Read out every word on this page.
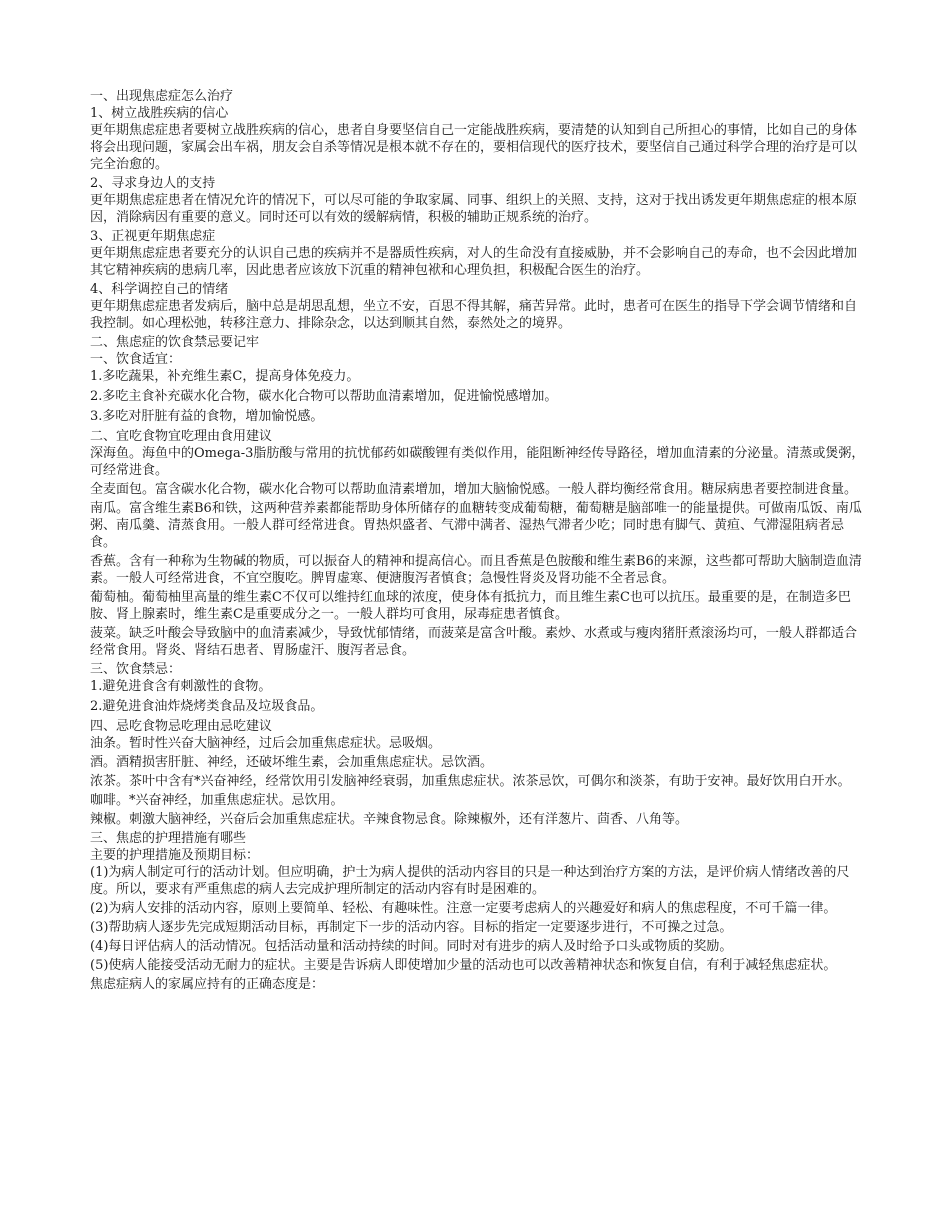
一、出现焦虑症怎么治疗

1、树立战胜疾病的信心

更年期焦虑症患者要树立战胜疾病的信心，患者自身要坚信自己一定能战胜疾病，要清楚的认知到自己所担心的事情，比如自己的身体将会出现问题，家属会出车祸，朋友会自杀等情况是根本就不存在的，要相信现代的医疗技术，要坚信自己通过科学合理的治疗是可以完全治愈的。

2、寻求身边人的支持

更年期焦虑症患者在情况允许的情况下，可以尽可能的争取家属、同事、组织上的关照、支持，这对于找出诱发更年期焦虑症的根本原因，消除病因有重要的意义。同时还可以有效的缓解病情，积极的辅助正规系统的治疗。

3、正视更年期焦虑症

更年期焦虑症患者要充分的认识自己患的疾病并不是器质性疾病，对人的生命没有直接威胁，并不会影响自己的寿命，也不会因此增加其它精神疾病的患病几率，因此患者应该放下沉重的精神包袱和心理负担，积极配合医生的治疗。

4、科学调控自己的情绪

更年期焦虑症患者发病后，脑中总是胡思乱想，坐立不安，百思不得其解，痛苦异常。此时，患者可在医生的指导下学会调节情绪和自我控制。如心理松弛，转移注意力、排除杂念，以达到顺其自然，泰然处之的境界。

二、焦虑症的饮食禁忌要记牢

一、饮食适宜：

1.多吃蔬果，补充维生素C，提高身体免疫力。

2.多吃主食补充碳水化合物，碳水化合物可以帮助血清素增加，促进愉悦感增加。

3.多吃对肝脏有益的食物，增加愉悦感。

二、宜吃食物宜吃理由食用建议

深海鱼。海鱼中的Omega-3脂肪酸与常用的抗忧郁药如碳酸锂有类似作用，能阻断神经传导路径，增加血清素的分泌量。清蒸或煲粥，可经常进食。

全麦面包。富含碳水化合物，碳水化合物可以帮助血清素增加，增加大脑愉悦感。一般人群均衡经常食用。糖尿病患者要控制进食量。

南瓜。富含维生素B6和铁，这两种营养素都能帮助身体所储存的血糖转变成葡萄糖，葡萄糖是脑部唯一的能量提供。可做南瓜饭、南瓜粥、南瓜羹、清蒸食用。一般人群可经常进食。胃热炽盛者、气滞中满者、湿热气滞者少吃；同时患有脚气、黄疸、气滞湿阻病者忌食。

香蕉。含有一种称为生物碱的物质，可以振奋人的精神和提高信心。而且香蕉是色胺酸和维生素B6的来源，这些都可帮助大脑制造血清素。一般人可经常进食，不宜空腹吃。脾胃虚寒、便溏腹泻者慎食；急慢性肾炎及肾功能不全者忌食。

葡萄柚。葡萄柚里高量的维生素C不仅可以维持红血球的浓度，使身体有抵抗力，而且维生素C也可以抗压。最重要的是，在制造多巴胺、肾上腺素时，维生素C是重要成分之一。一般人群均可食用，尿毒症患者慎食。

菠菜。缺乏叶酸会导致脑中的血清素减少，导致忧郁情绪，而菠菜是富含叶酸。素炒、水煮或与瘦肉猪肝煮滚汤均可，一般人群都适合经常食用。肾炎、肾结石患者、胃肠虚汗、腹泻者忌食。

三、饮食禁忌：

1.避免进食含有刺激性的食物。

2.避免进食油炸烧烤类食品及垃圾食品。

四、忌吃食物忌吃理由忌吃建议

油条。暂时性兴奋大脑神经，过后会加重焦虑症状。忌吸烟。

酒。酒精损害肝脏、神经，还破坏维生素，会加重焦虑症状。忌饮酒。

浓茶。茶叶中含有*兴奋神经，经常饮用引发脑神经衰弱，加重焦虑症状。浓茶忌饮，可偶尔和淡茶，有助于安神。最好饮用白开水。

咖啡。*兴奋神经，加重焦虑症状。忌饮用。

辣椒。刺激大脑神经，兴奋后会加重焦虑症状。辛辣食物忌食。除辣椒外，还有洋葱片、茴香、八角等。

三、焦虑的护理措施有哪些

主要的护理措施及预期目标：

(1)为病人制定可行的活动计划。但应明确，护士为病人提供的活动内容目的只是一种达到治疗方案的方法，是评价病人情绪改善的尺度。所以，要求有严重焦虑的病人去完成护理所制定的活动内容有时是困难的。

(2)为病人安排的活动内容，原则上要简单、轻松、有趣味性。注意一定要考虑病人的兴趣爱好和病人的焦虑程度，不可千篇一律。

(3)帮助病人逐步先完成短期活动目标，再制定下一步的活动内容。目标的指定一定要逐步进行，不可操之过急。

(4)每日评估病人的活动情况。包括活动量和活动持续的时间。同时对有进步的病人及时给予口头或物质的奖励。

(5)使病人能接受活动无耐力的症状。主要是告诉病人即使增加少量的活动也可以改善精神状态和恢复自信，有利于减轻焦虑症状。

焦虑症病人的家属应持有的正确态度是：
